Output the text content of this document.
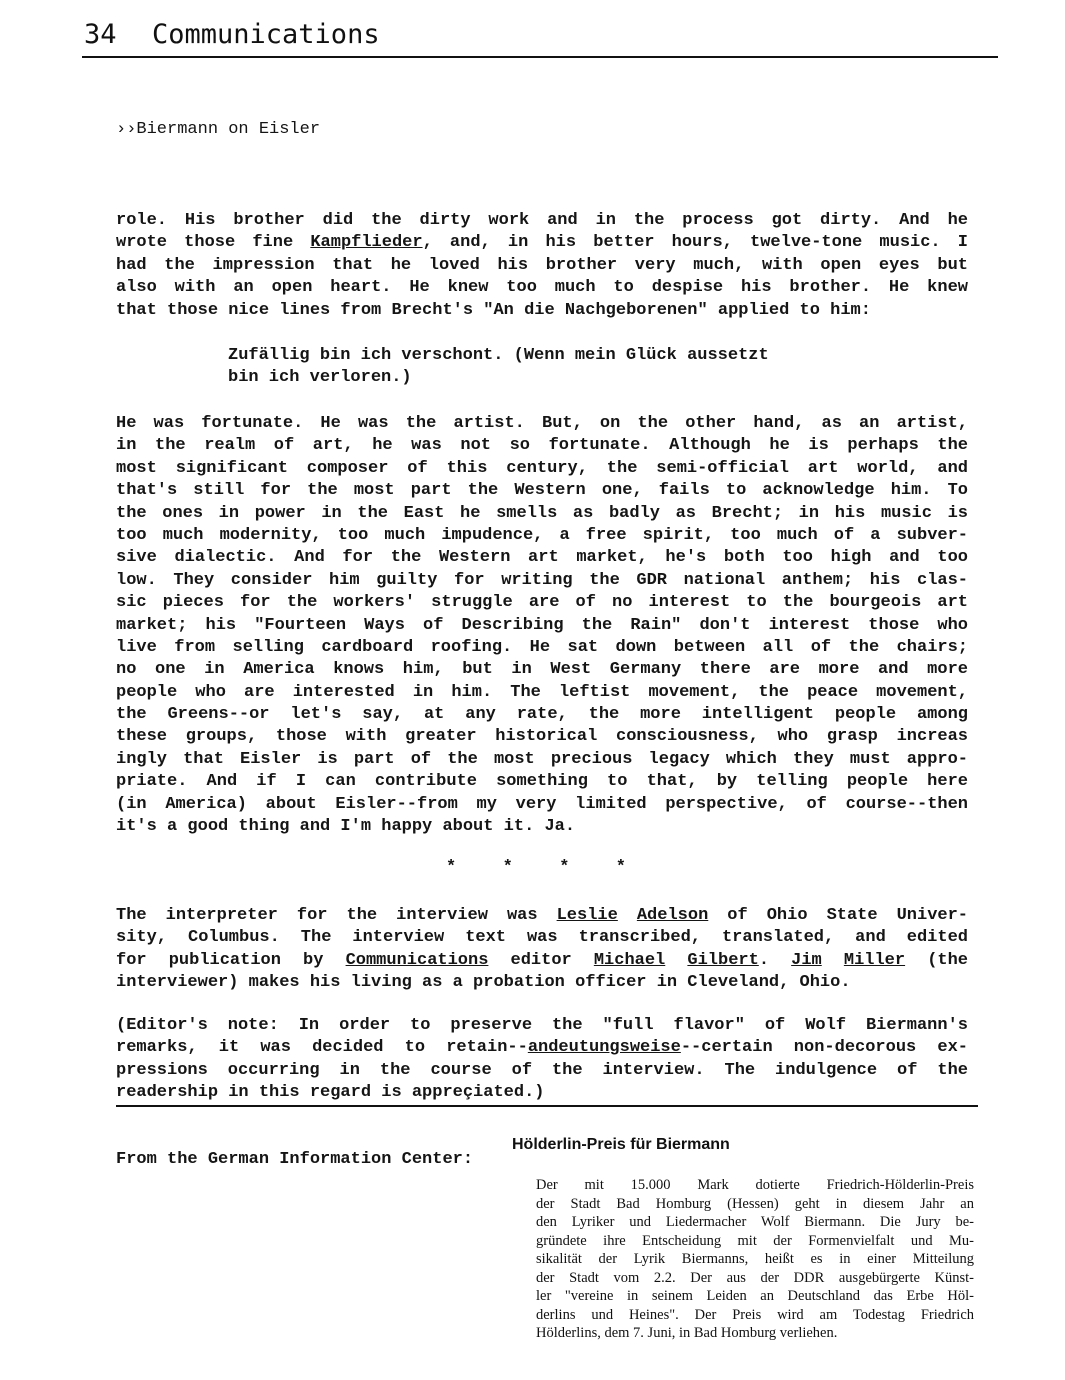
34 Communications
››Biermann on Eisler
role. His brother did the dirty work and in the process got dirty. And he
wrote those fine Kampflieder, and, in his better hours, twelve-tone music. I
had the impression that he loved his brother very much, with open eyes but
also with an open heart. He knew too much to despise his brother. He knew
that those nice lines from Brecht's "An die Nachgeborenen" applied to him:
Zufällig bin ich verschont. (Wenn mein Glück aussetzt
bin ich verloren.)
He was fortunate. He was the artist. But, on the other hand, as an artist,
in the realm of art, he was not so fortunate. Although he is perhaps the
most significant composer of this century, the semi-official art world, and
that's still for the most part the Western one, fails to acknowledge him. To
the ones in power in the East he smells as badly as Brecht; in his music is
too much modernity, too much impudence, a free spirit, too much of a subver-
sive dialectic. And for the Western art market, he's both too high and too
low. They consider him guilty for writing the GDR national anthem; his clas-
sic pieces for the workers' struggle are of no interest to the bourgeois art
market; his "Fourteen Ways of Describing the Rain" don't interest those who
live from selling cardboard roofing. He sat down between all of the chairs;
no one in America knows him, but in West Germany there are more and more
people who are interested in him. The leftist movement, the peace movement,
the Greens--or let's say, at any rate, the more intelligent people among
these groups, those with greater historical consciousness, who grasp increas
ingly that Eisler is part of the most precious legacy which they must appro-
priate. And if I can contribute something to that, by telling people here
(in America) about Eisler--from my very limited perspective, of course--then
it's a good thing and I'm happy about it. Ja.
*	*	*	*
The interpreter for the interview was Leslie Adelson of Ohio State Univer-
sity, Columbus. The interview text was transcribed, translated, and edited
for publication by Communications editor Michael Gilbert. Jim Miller (the
interviewer) makes his living as a probation officer in Cleveland, Ohio.
(Editor's note: In order to preserve the "full flavor" of Wolf Biermann's
remarks, it was decided to retain--andeutungsweise--certain non-decorous ex-
pressions occurring in the course of the interview. The indulgence of the
readership in this regard is appreçiated.)
From the German Information Center:
Hölderlin-Preis für Biermann
Der mit 15.000 Mark dotierte Friedrich-Hölderlin-Preis
der Stadt Bad Homburg (Hessen) geht in diesem Jahr an
den Lyriker und Liedermacher Wolf Biermann. Die Jury be-
gründete ihre Entscheidung mit der Formenvielfalt und Mu-
sikalität der Lyrik Biermanns, heißt es in einer Mitteilung
der Stadt vom 2.2. Der aus der DDR ausgebürgerte Künst-
ler "vereine in seinem Leiden an Deutschland das Erbe Höl-
derlins und Heines". Der Preis wird am Todestag Friedrich
Hölderlins, dem 7. Juni, in Bad Homburg verliehen.
